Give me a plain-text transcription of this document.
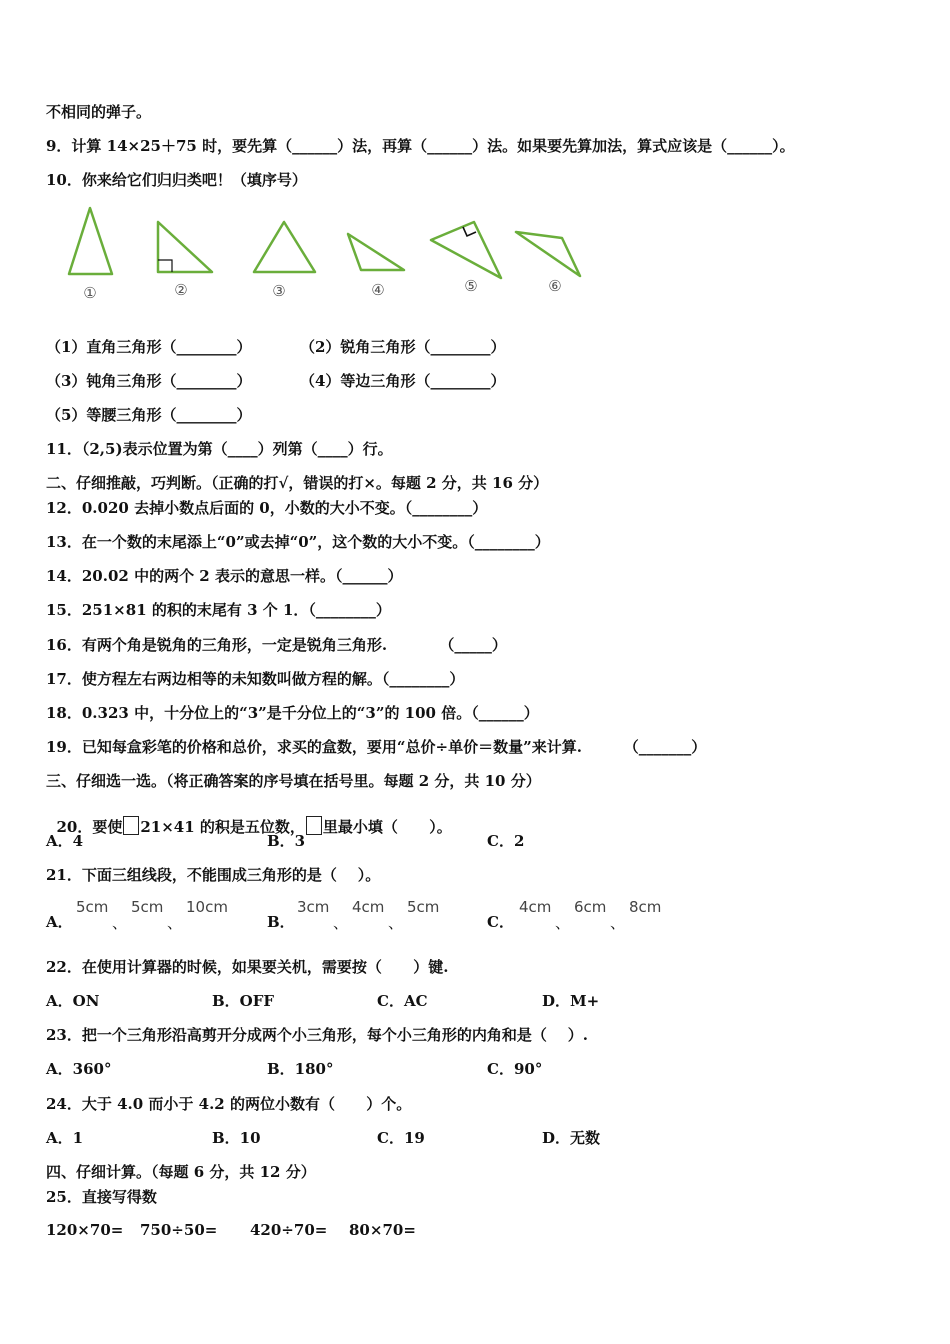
不相同的弹子。
9．计算 14×25＋75 时，要先算（______）法，再算（______）法。如果要先算加法，算式应该是（______）。
10．你来给它们归归类吧！（填序号）
①	②	③	④	⑤	⑥
（1）直角三角形（________）	（2）锐角三角形（________）
（3）钝角三角形（________）	（4）等边三角形（________）
（5）等腰三角形（________）
11．（2,5)表示位置为第（____）列第（____）行。
二、仔细推敲，巧判断。（正确的打√，错误的打×。每题 2 分，共 16 分）
12．0.020 去掉小数点后面的 0，小数的大小不变。（________）
13．在一个数的末尾添上“0”或去掉“0”，这个数的大小不变。（________）
14．20.02 中的两个 2 表示的意思一样。（______）
15．251×81 的积的末尾有 3 个 1．（________）
16．有两个角是锐角的三角形，一定是锐角三角形.          （_____）
17．使方程左右两边相等的未知数叫做方程的解。（________）
18．0.323 中，十分位上的“3”是千分位上的“3”的 100 倍。（______）
19．已知每盒彩笔的价格和总价，求买的盒数，要用“总价÷单价＝数量”来计算.        （_______）
三、仔细选一选。（将正确答案的序号填在括号里。每题 2 分，共 10 分）

20．要使 21×41 的积是五位数， 里最小填（      ）。

A．4	B．3	C．2
21．下面三组线段，不能围成三角形的是（    ）。
A．
5cm
、
5cm
、
10cm
B．
3cm
、
4cm
、
5cm
C．
4cm
、
6cm
、
8cm
22．在使用计算器的时候，如果要关机，需要按（      ）键.
A．ON	B．OFF	C．AC	D．M+
23．把一个三角形沿高剪开分成两个小三角形，每个小三角形的内角和是（    ）.
A．360°	B．180°	C．90°
24．大于 4.0 而小于 4.2 的两位小数有（      ）个。
A．1	B．10	C．19	D．无数
四、仔细计算。（每题 6 分，共 12 分）
25．直接写得数
120×70= 750÷50= 420÷70= 80×70=
